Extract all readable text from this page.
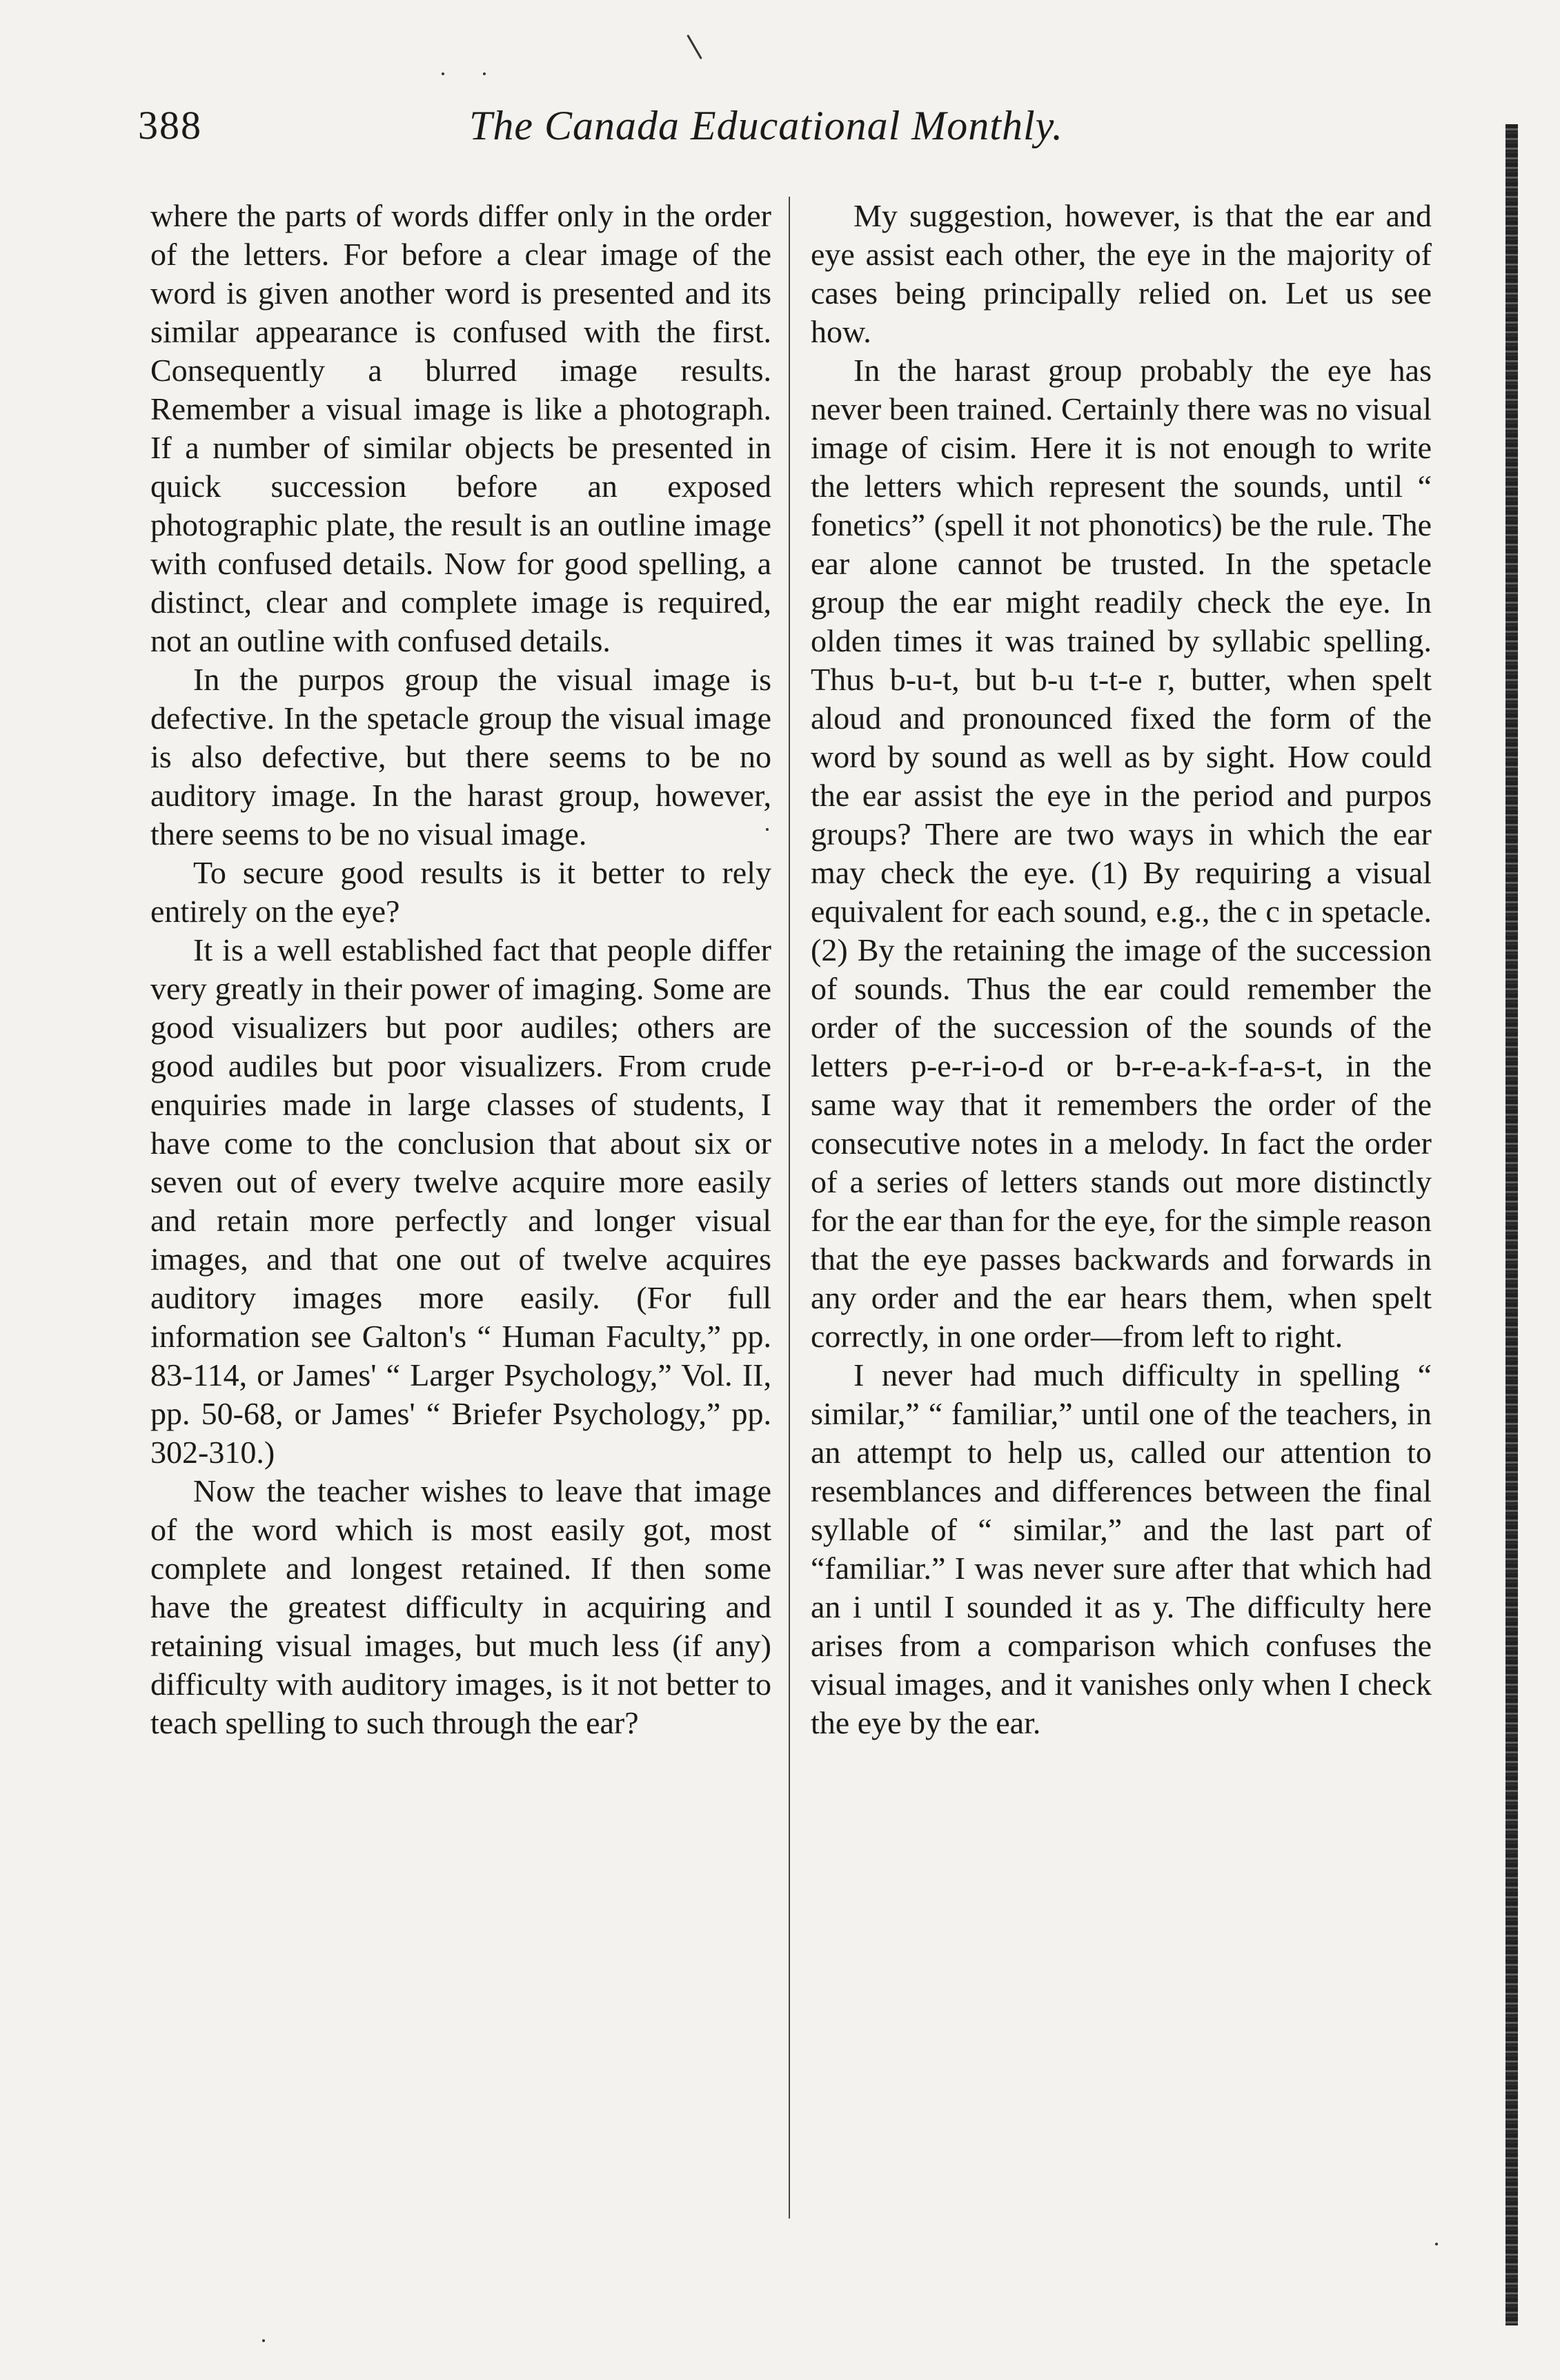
388	The Canada Educational Monthly.

where the parts of words differ only in the order of the letters. For before a clear image of the word is given another word is presented and its similar appearance is confused with the first. Consequently a blurred image results. Remember a visual image is like a photograph. If a number of similar objects be presented in quick succession before an exposed photographic plate, the result is an outline image with confused details. Now for good spelling, a distinct, clear and complete image is required, not an outline with confused details.

In the purpos group the visual image is defective. In the spetacle group the visual image is also defective, but there seems to be no auditory image. In the harast group, however, there seems to be no visual image.

To secure good results is it better to rely entirely on the eye?

It is a well established fact that people differ very greatly in their power of imaging. Some are good visualizers but poor audiles; others are good audiles but poor visualizers. From crude enquiries made in large classes of students, I have come to the conclusion that about six or seven out of every twelve acquire more easily and retain more perfectly and longer visual images, and that one out of twelve acquires auditory images more easily. (For full information see Galton's “ Human Faculty,” pp. 83-114, or James' “ Larger Psychology,” Vol. II, pp. 50-68, or James' “ Briefer Psychology,” pp. 302-310.)

Now the teacher wishes to leave that image of the word which is most easily got, most complete and longest retained. If then some have the greatest difficulty in acquiring and retaining visual images, but much less (if any) difficulty with auditory images, is it not better to teach spelling to such through the ear?

My suggestion, however, is that the ear and eye assist each other, the eye in the majority of cases being principally relied on. Let us see how.

In the harast group probably the eye has never been trained. Certainly there was no visual image of cisim. Here it is not enough to write the letters which represent the sounds, until “ fonetics” (spell it not phonotics) be the rule. The ear alone cannot be trusted. In the spetacle group the ear might readily check the eye. In olden times it was trained by syllabic spelling. Thus b-u-t, but b-u t-t-e r, butter, when spelt aloud and pronounced fixed the form of the word by sound as well as by sight. How could the ear assist the eye in the period and purpos groups? There are two ways in which the ear may check the eye. (1) By requiring a visual equivalent for each sound, e.g., the c in spetacle. (2) By the retaining the image of the succession of sounds. Thus the ear could remember the order of the succession of the sounds of the letters p-e-r-i-o-d or b-r-e-a-k-f-a-s-t, in the same way that it remembers the order of the consecutive notes in a melody. In fact the order of a series of letters stands out more distinctly for the ear than for the eye, for the simple reason that the eye passes backwards and forwards in any order and the ear hears them, when spelt correctly, in one order—from left to right.

I never had much difficulty in spelling “ similar,” “ familiar,” until one of the teachers, in an attempt to help us, called our attention to resemblances and differences between the final syllable of “ similar,” and the last part of “familiar.” I was never sure after that which had an i until I sounded it as y. The difficulty here arises from a comparison which confuses the visual images, and it vanishes only when I check the eye by the ear.
